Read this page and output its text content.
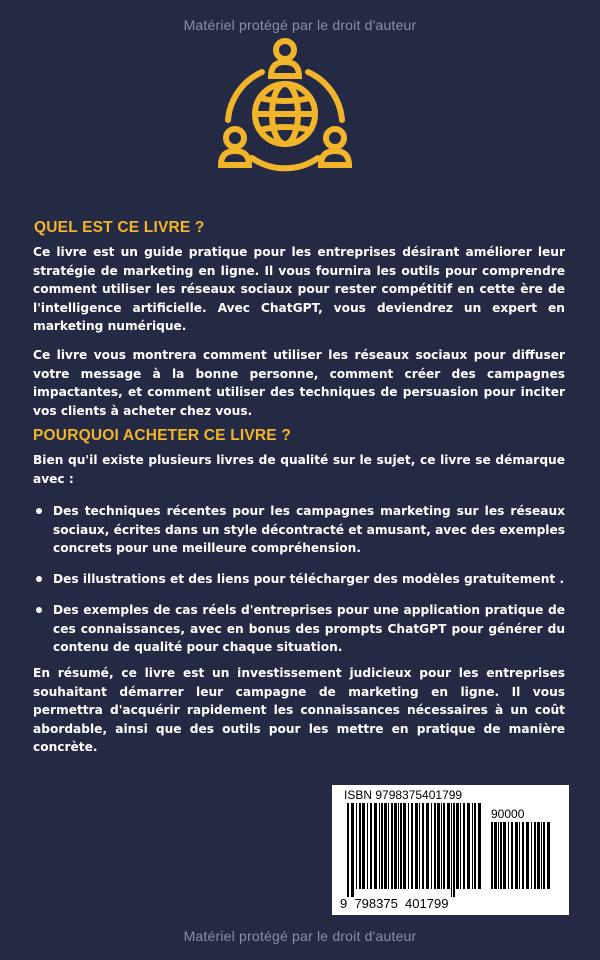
Matériel protégé par le droit d'auteur
QUEL EST CE LIVRE ?

Ce livre est un guide pratique pour les entreprises désirant améliorer leur stratégie de marketing en ligne. Il vous fournira les outils pour comprendre comment utiliser les réseaux sociaux pour rester compétitif en cette ère de l'intelligence artificielle. Avec ChatGPT, vous deviendrez un expert en marketing numérique.

Ce livre vous montrera comment utiliser les réseaux sociaux pour diffuser votre message à la bonne personne, comment créer des campagnes impactantes, et comment utiliser des techniques de persuasion pour inciter vos clients à acheter chez vous.

POURQUOI ACHETER CE LIVRE ?

Bien qu'il existe plusieurs livres de qualité sur le sujet, ce livre se démarque avec :

Des techniques récentes pour les campagnes marketing sur les réseaux sociaux, écrites dans un style décontracté et amusant, avec des exemples concrets pour une meilleure compréhension.
Des illustrations et des liens pour télécharger des modèles gratuitement .
Des exemples de cas réels d'entreprises pour une application pratique de ces connaissances, avec en bonus des prompts ChatGPT pour générer du contenu de qualité pour chaque situation.

En résumé, ce livre est un investissement judicieux pour les entreprises souhaitant démarrer leur campagne de marketing en ligne. Il vous permettra d'acquérir rapidement les connaissances nécessaires à un coût abordable, ainsi que des outils pour les mettre en pratique de manière concrète.

ISBN 9798375401799
90000
9  798375  401799
Matériel protégé par le droit d'auteur
